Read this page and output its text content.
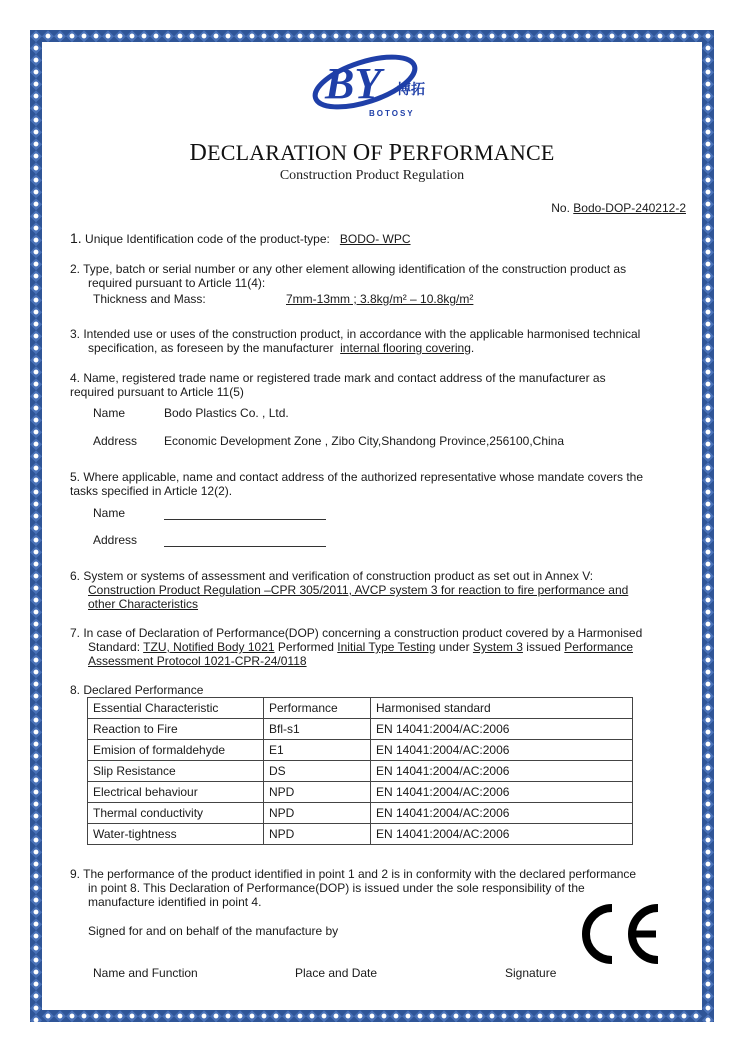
BY 博拓
BOTOSY
DECLARATION OF PERFORMANCE
Construction Product Regulation
No. Bodo-DOP-240212-2
1. Unique Identification code of the product-type: BODO- WPC
2. Type, batch or serial number or any other element allowing identification of the construction product as
required pursuant to Article 11(4):
Thickness and Mass:	7mm-13mm ; 3.8kg/m² – 10.8kg/m²
3. Intended use or uses of the construction product, in accordance with the applicable harmonised technical
specification, as foreseen by the manufacturer internal flooring covering.
4. Name, registered trade name or registered trade mark and contact address of the manufacturer as
required pursuant to Article 11(5)
Name	Bodo Plastics Co. , Ltd.
Address Economic Development Zone , Zibo City,Shandong Province,256100,China
5. Where applicable, name and contact address of the authorized representative whose mandate covers the
tasks specified in Article 12(2).
Name
Address
6. System or systems of assessment and verification of construction product as set out in Annex V:
Construction Product Regulation –CPR 305/2011, AVCP system 3 for reaction to fire performance and
other Characteristics
7. In case of Declaration of Performance(DOP) concerning a construction product covered by a Harmonised
Standard: TZU, Notified Body 1021 Performed Initial Type Testing under System 3 issued Performance
Assessment Protocol 1021-CPR-24/0118
8. Declared Performance
Essential Characteristic	Performance	Harmonised standard
Reaction to Fire	Bfl-s1	EN 14041:2004/AC:2006
Emision of formaldehyde	E1	EN 14041:2004/AC:2006
Slip Resistance	DS	EN 14041:2004/AC:2006
Electrical behaviour	NPD	EN 14041:2004/AC:2006
Thermal conductivity	NPD	EN 14041:2004/AC:2006
Water-tightness	NPD	EN 14041:2004/AC:2006
9. The performance of the product identified in point 1 and 2 is in conformity with the declared performance
in point 8. This Declaration of Performance(DOP) is issued under the sole responsibility of the
manufacture identified in point 4.
Signed for and on behalf of the manufacture by
Name and Function	Place and Date	Signature
